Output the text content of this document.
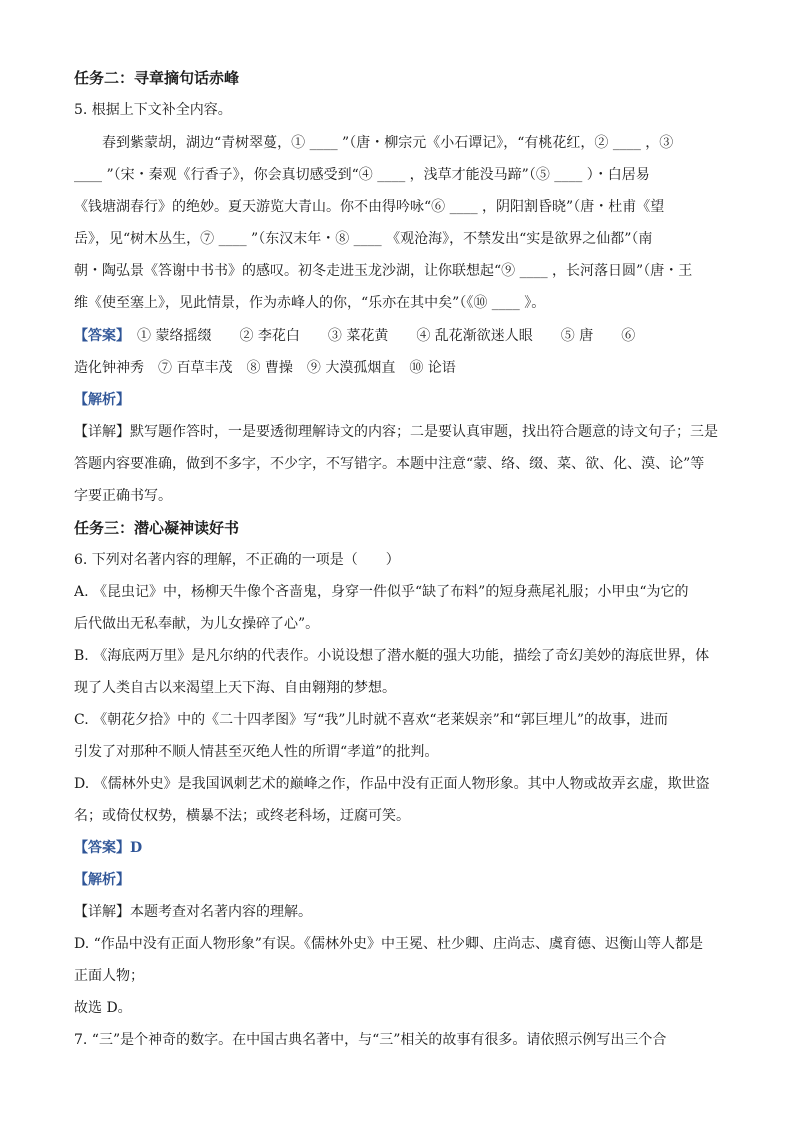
任务二：寻章摘句话赤峰
5. 根据上下文补全内容。
　　春到紫蒙胡，湖边“青树翠蔓，① ____ ”（唐・柳宗元《小石谭记》，“有桃花红，② ____ ，③
____ ”（宋・秦观《行香子》，你会真切感受到“④ ____ ，浅草才能没马蹄”（⑤ ____ ）・白居易
《钱塘湖春行》的绝妙。夏天游览大青山。你不由得吟咏“⑥ ____ ，阴阳割昏晓”（唐・杜甫《望
岳》，见“树木丛生，⑦ ____ ”（东汉末年・⑧ ____ 《观沧海》，不禁发出“实是欲界之仙都”（南
朝・陶弘景《答谢中书书》的感叹。初冬走进玉龙沙湖，让你联想起“⑨ ____ ，长河落日圆”（唐・王
维《使至塞上》，见此情景，作为赤峰人的你，“乐亦在其中矣”（《⑩ ____ 》。
【答案】　① 蒙络摇缀　　② 李花白　　③ 菜花黄　　④ 乱花渐欲迷人眼　　⑤ 唐　　⑥
造化钟神秀　⑦ 百草丰茂　⑧ 曹操　⑨ 大漠孤烟直　⑩ 论语
【解析】
【详解】默写题作答时，一是要透彻理解诗文的内容；二是要认真审题，找出符合题意的诗文句子；三是
答题内容要准确，做到不多字，不少字，不写错字。本题中注意“蒙、络、缀、菜、欲、化、漠、论”等
字要正确书写。
任务三：潜心凝神读好书
6. 下列对名著内容的理解，不正确的一项是（　　）
A. 《昆虫记》中，杨柳天牛像个吝啬鬼，身穿一件似乎“缺了布料”的短身燕尾礼服；小甲虫“为它的
后代做出无私奉献，为儿女操碎了心”。
B. 《海底两万里》是凡尔纳的代表作。小说设想了潜水艇的强大功能，描绘了奇幻美妙的海底世界，体
现了人类自古以来渴望上天下海、自由翱翔的梦想。
C. 《朝花夕拾》中的《二十四孝图》写“我”儿时就不喜欢“老莱娱亲”和“郭巨埋儿”的故事，进而
引发了对那种不顺人情甚至灭绝人性的所谓“孝道”的批判。
D. 《儒林外史》是我国讽刺艺术的巅峰之作，作品中没有正面人物形象。其中人物或故弄玄虚，欺世盗
名；或倚仗权势，横暴不法；或终老科场，迂腐可笑。
【答案】D
【解析】
【详解】本题考查对名著内容的理解。
D. “作品中没有正面人物形象”有误。《儒林外史》中王冕、杜少卿、庄尚志、虞育德、迟衡山等人都是
正面人物；
故选 D。
7. “三”是个神奇的数字。在中国古典名著中，与“三”相关的故事有很多。请依照示例写出三个合
